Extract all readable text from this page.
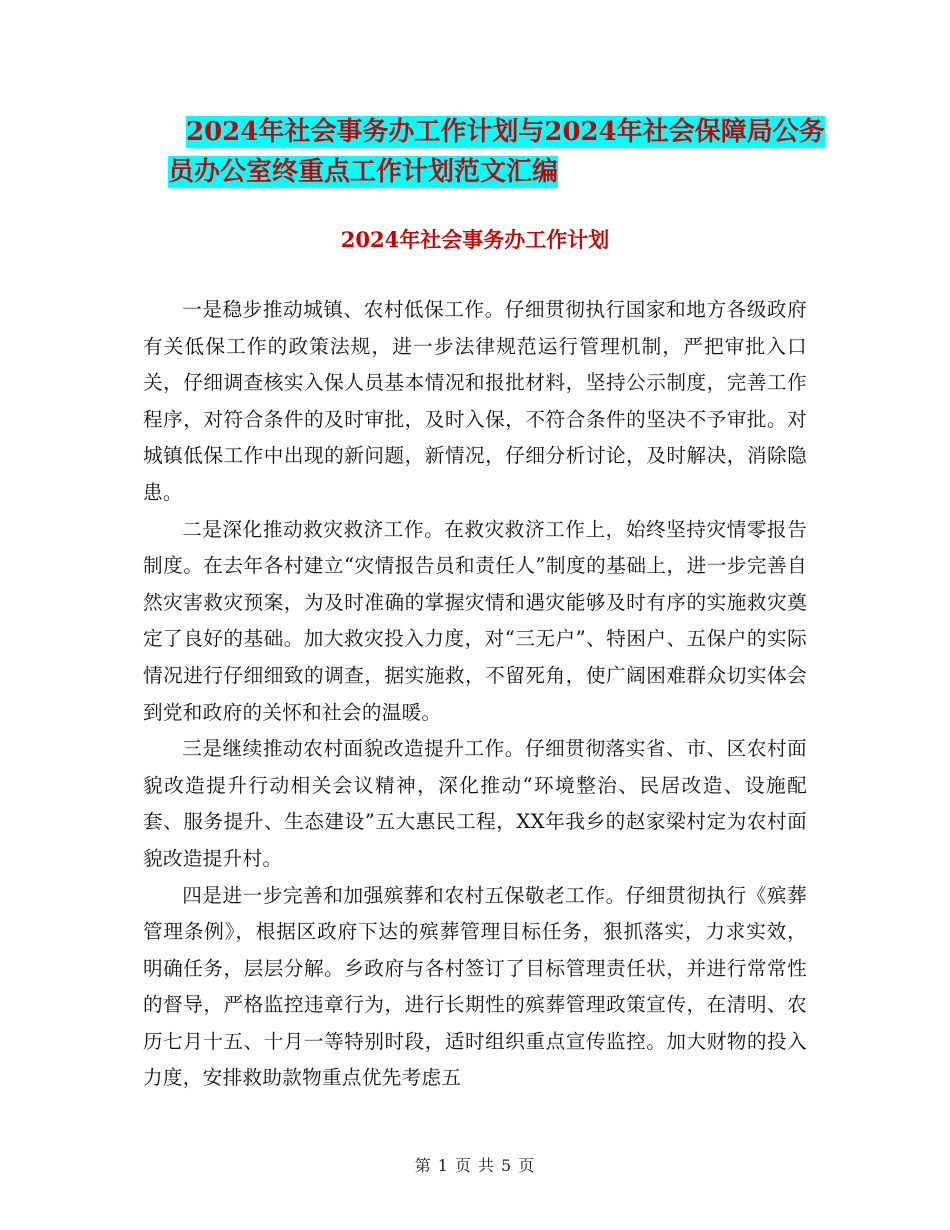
2024年社会事务办工作计划与2024年社会保障局公务
员办公室终重点工作计划范文汇编
2024年社会事务办工作计划

一是稳步推动城镇、农村低保工作。仔细贯彻执行国家和地方各级政府有关低保工作的政策法规，进一步法律规范运行管理机制，严把审批入口关，仔细调查核实入保人员基本情况和报批材料，坚持公示制度，完善工作程序，对符合条件的及时审批，及时入保，不符合条件的坚决不予审批。对城镇低保工作中出现的新问题，新情况，仔细分析讨论，及时解决，消除隐患。

二是深化推动救灾救济工作。在救灾救济工作上，始终坚持灾情零报告制度。在去年各村建立“灾情报告员和责任人”制度的基础上，进一步完善自然灾害救灾预案，为及时准确的掌握灾情和遇灾能够及时有序的实施救灾奠定了良好的基础。加大救灾投入力度，对“三无户”、特困户、五保户的实际情况进行仔细细致的调查，据实施救，不留死角，使广阔困难群众切实体会到党和政府的关怀和社会的温暖。

三是继续推动农村面貌改造提升工作。仔细贯彻落实省、市、区农村面貌改造提升行动相关会议精神，深化推动“环境整治、民居改造、设施配套、服务提升、生态建设”五大惠民工程，XX年我乡的赵家梁村定为农村面貌改造提升村。

四是进一步完善和加强殡葬和农村五保敬老工作。仔细贯彻执行《殡葬管理条例》，根据区政府下达的殡葬管理目标任务，狠抓落实，力求实效，明确任务，层层分解。乡政府与各村签订了目标管理责任状，并进行常常性的督导，严格监控违章行为，进行长期性的殡葬管理政策宣传，在清明、农历七月十五、十月一等特别时段，适时组织重点宣传监控。加大财物的投入力度，安排救助款物重点优先考虑五

第 1 页 共 5 页
